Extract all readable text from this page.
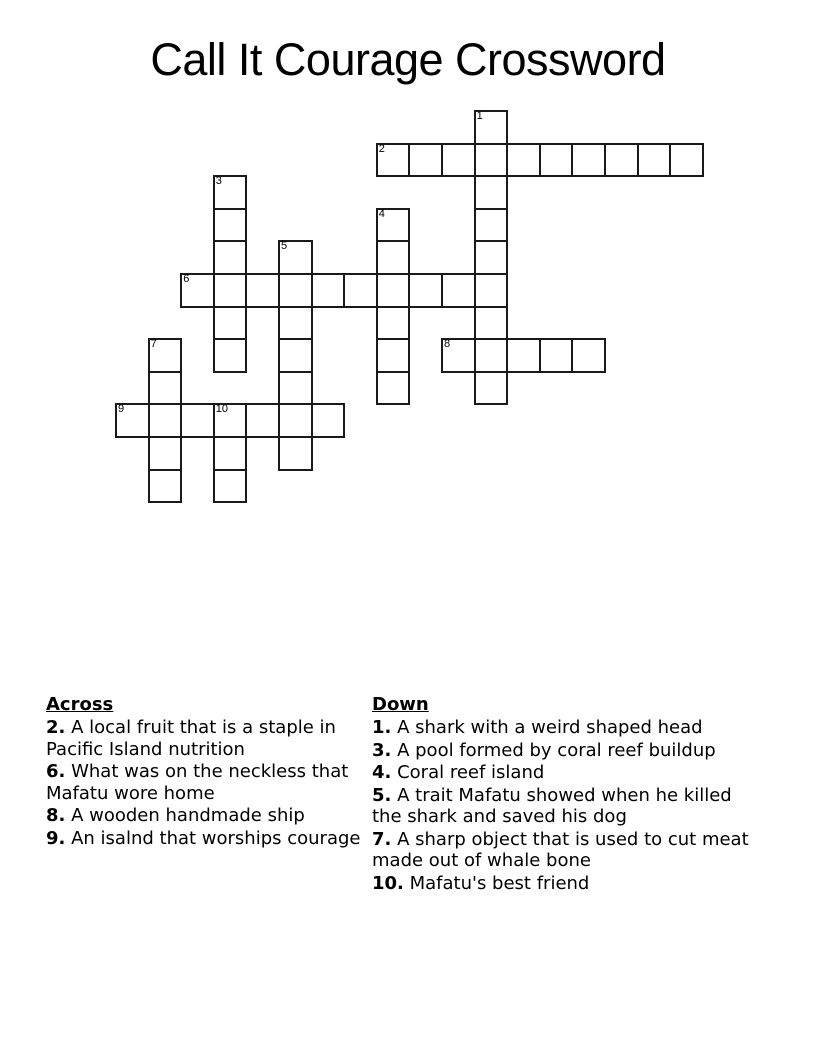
Call It Courage Crossword
1
2
3
4
5
6
7	8
9	10
Across
2. A local fruit that is a staple in Pacific Island nutrition
6. What was on the neckless that Mafatu wore home
8. A wooden handmade ship
9. An isalnd that worships courage
Down
1. A shark with a weird shaped head
3. A pool formed by coral reef buildup
4. Coral reef island
5. A trait Mafatu showed when he killed the shark and saved his dog
7. A sharp object that is used to cut meat made out of whale bone
10. Mafatu's best friend
